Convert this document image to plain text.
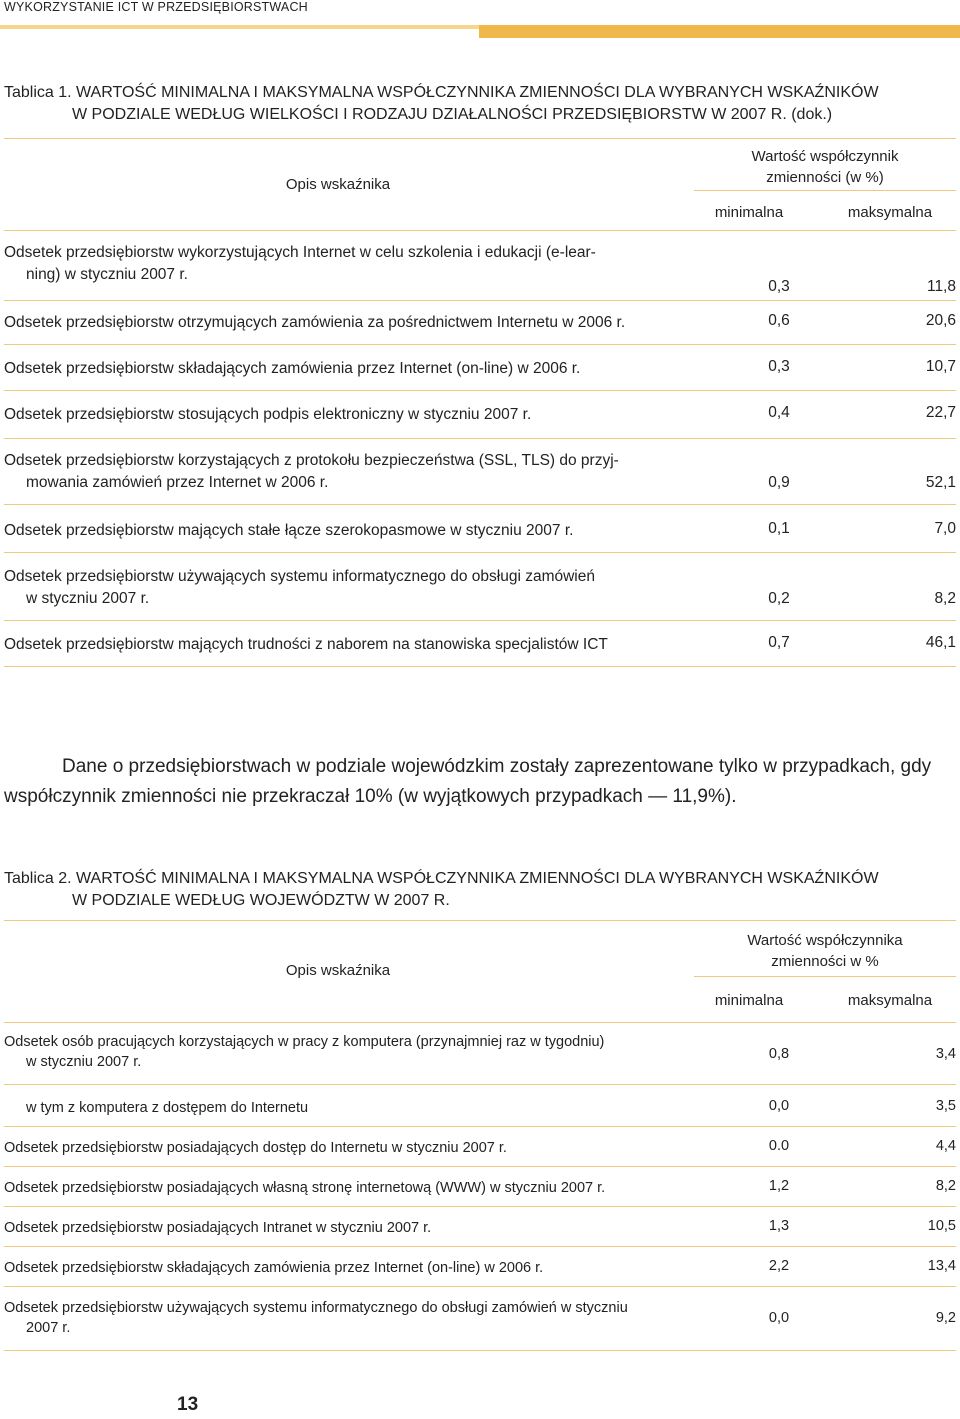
WYKORZYSTANIE ICT W PRZEDSIĘBIORSTWACH
Tablica 1. WARTOŚĆ MINIMALNA I MAKSYMALNA WSPÓŁCZYNNIKA ZMIENNOŚCI DLA WYBRANYCH WSKAŹNIKÓW
W PODZIALE WEDŁUG WIELKOŚCI I RODZAJU DZIAŁALNOŚCI PRZEDSIĘBIORSTW W 2007 R. (dok.)
Opis wskaźnika
Wartość współczynnik
zmienności (w %)
minimalna	maksymalna
Odsetek przedsiębiorstw wykorzystujących Internet w celu szkolenia i edukacji (e-lear-
ning) w styczniu 2007 r.
0,3	11,8
Odsetek przedsiębiorstw otrzymujących zamówienia za pośrednictwem Internetu w 2006 r.	0,6	20,6
Odsetek przedsiębiorstw składających zamówienia przez Internet (on-line) w 2006 r.	0,3	10,7
Odsetek przedsiębiorstw stosujących podpis elektroniczny w styczniu 2007 r.	0,4	22,7
Odsetek przedsiębiorstw korzystających z protokołu bezpieczeństwa (SSL, TLS) do przyj-
mowania zamówień przez Internet w 2006 r.	0,9	52,1
Odsetek przedsiębiorstw mających stałe łącze szerokopasmowe w styczniu 2007 r.	0,1	7,0
Odsetek przedsiębiorstw używających systemu informatycznego do obsługi zamówień
w styczniu 2007 r.	0,2	8,2
Odsetek przedsiębiorstw mających trudności z naborem na stanowiska specjalistów ICT	0,7	46,1
Dane o przedsiębiorstwach w podziale wojewódzkim zostały zaprezentowane tylko w przypadkach, gdy
współczynnik zmienności nie przekraczał 10% (w wyjątkowych przypadkach — 11,9%).
Tablica 2. WARTOŚĆ MINIMALNA I MAKSYMALNA WSPÓŁCZYNNIKA ZMIENNOŚCI DLA WYBRANYCH WSKAŹNIKÓW
W PODZIALE WEDŁUG WOJEWÓDZTW W 2007 R.
Opis wskaźnika
Wartość współczynnika
zmienności w %
minimalna	maksymalna
Odsetek osób pracujących korzystających w pracy z komputera (przynajmniej raz w tygodniu)
w styczniu 2007 r.	0,8	3,4
w tym z komputera z dostępem do Internetu	0,0	3,5
Odsetek przedsiębiorstw posiadających dostęp do Internetu w styczniu 2007 r.	0.0	4,4
Odsetek przedsiębiorstw posiadających własną stronę internetową (WWW) w styczniu 2007 r.	1,2	8,2
Odsetek przedsiębiorstw posiadających Intranet w styczniu 2007 r.	1,3	10,5
Odsetek przedsiębiorstw składających zamówienia przez Internet (on-line) w 2006 r.	2,2	13,4
Odsetek przedsiębiorstw używających systemu informatycznego do obsługi zamówień w styczniu
2007 r.
0,0	9,2
13
